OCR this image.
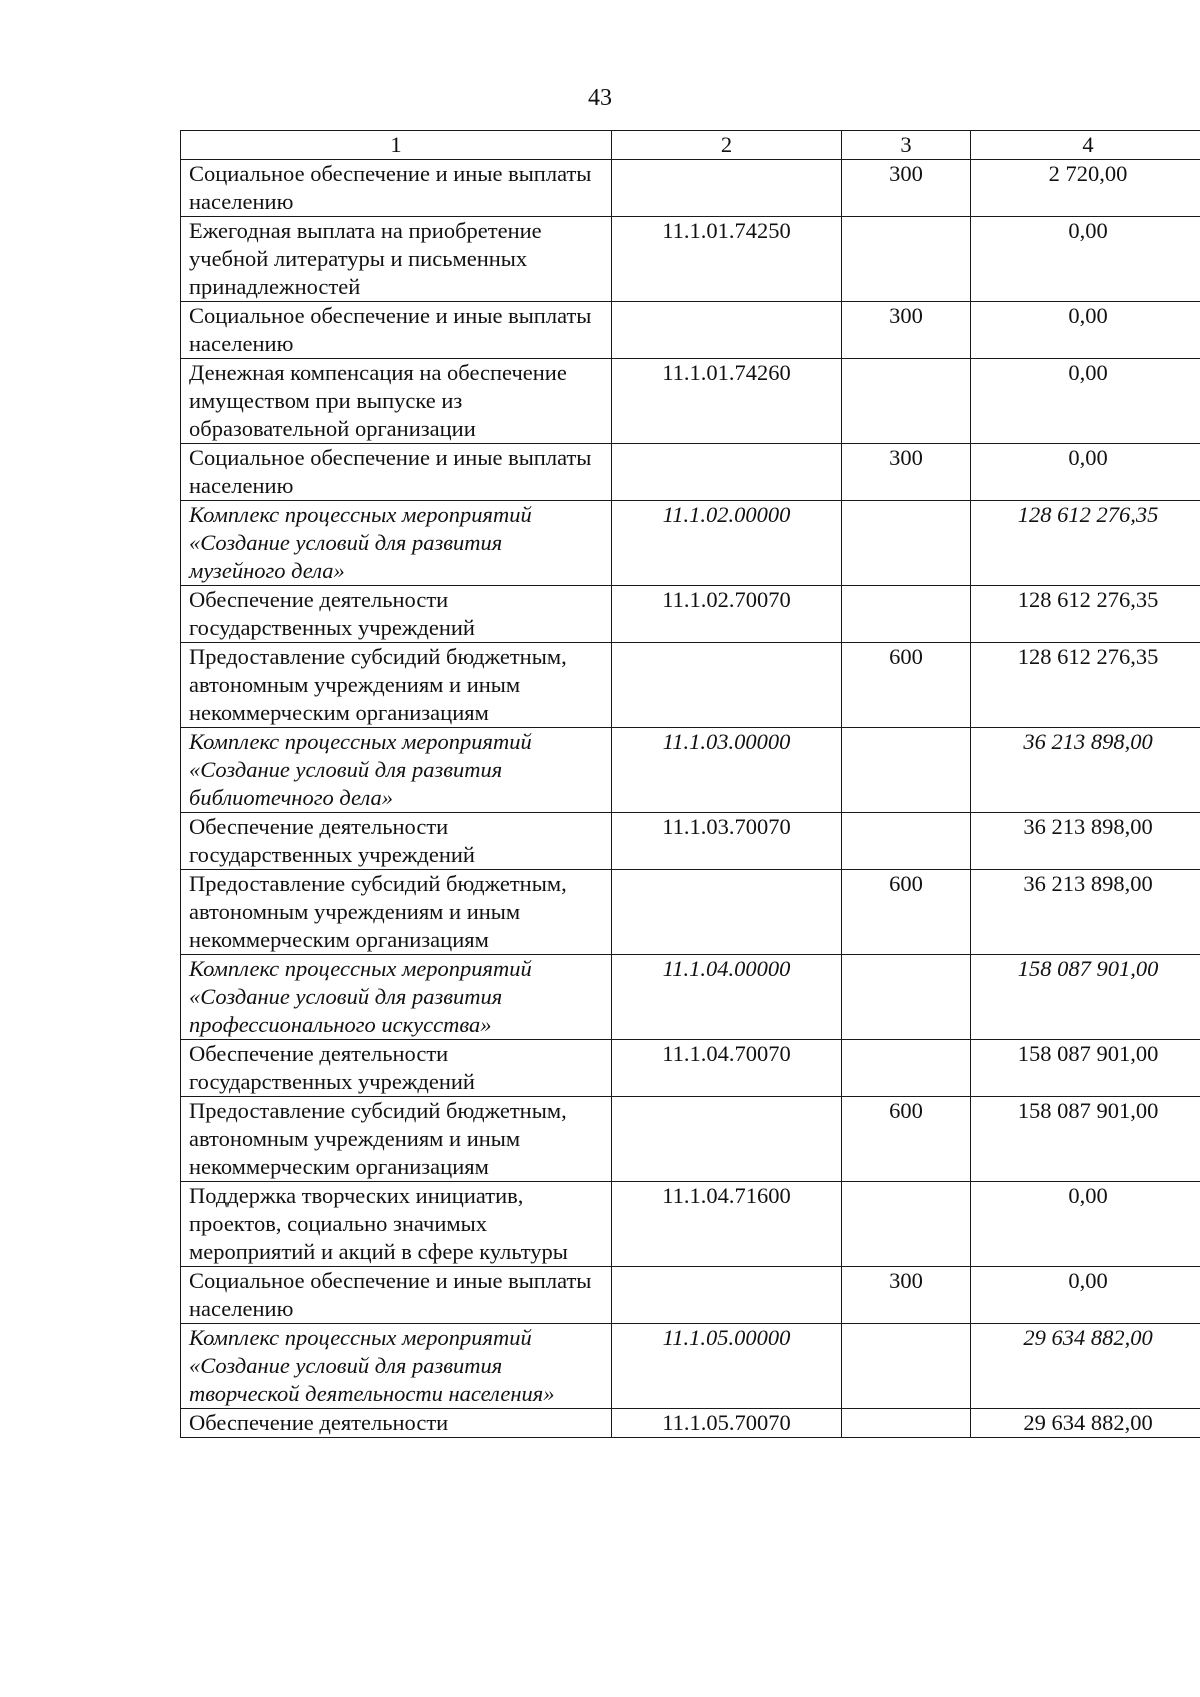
43
1	2	3	4
Социальное обеспечение и иные выплаты населению		300	2 720,00
Ежегодная выплата на приобретение учебной литературы и письменных принадлежностей	11.1.01.74250		0,00
Социальное обеспечение и иные выплаты населению		300	0,00
Денежная компенсация на обеспечение имуществом при выпуске из образовательной организации	11.1.01.74260		0,00
Социальное обеспечение и иные выплаты населению		300	0,00
Комплекс процессных мероприятий «Создание условий для развития музейного дела»	11.1.02.00000		128 612 276,35
Обеспечение деятельности государственных учреждений	11.1.02.70070		128 612 276,35
Предоставление субсидий бюджетным, автономным учреждениям и иным некоммерческим организациям		600	128 612 276,35
Комплекс процессных мероприятий «Создание условий для развития библиотечного дела»	11.1.03.00000		36 213 898,00
Обеспечение деятельности государственных учреждений	11.1.03.70070		36 213 898,00
Предоставление субсидий бюджетным, автономным учреждениям и иным некоммерческим организациям		600	36 213 898,00
Комплекс процессных мероприятий «Создание условий для развития профессионального искусства»	11.1.04.00000		158 087 901,00
Обеспечение деятельности государственных учреждений	11.1.04.70070		158 087 901,00
Предоставление субсидий бюджетным, автономным учреждениям и иным некоммерческим организациям		600	158 087 901,00
Поддержка творческих инициатив, проектов, социально значимых мероприятий и акций в сфере культуры	11.1.04.71600		0,00
Социальное обеспечение и иные выплаты населению		300	0,00
Комплекс процессных мероприятий «Создание условий для развития творческой деятельности населения»	11.1.05.00000		29 634 882,00
Обеспечение деятельности	11.1.05.70070		29 634 882,00
